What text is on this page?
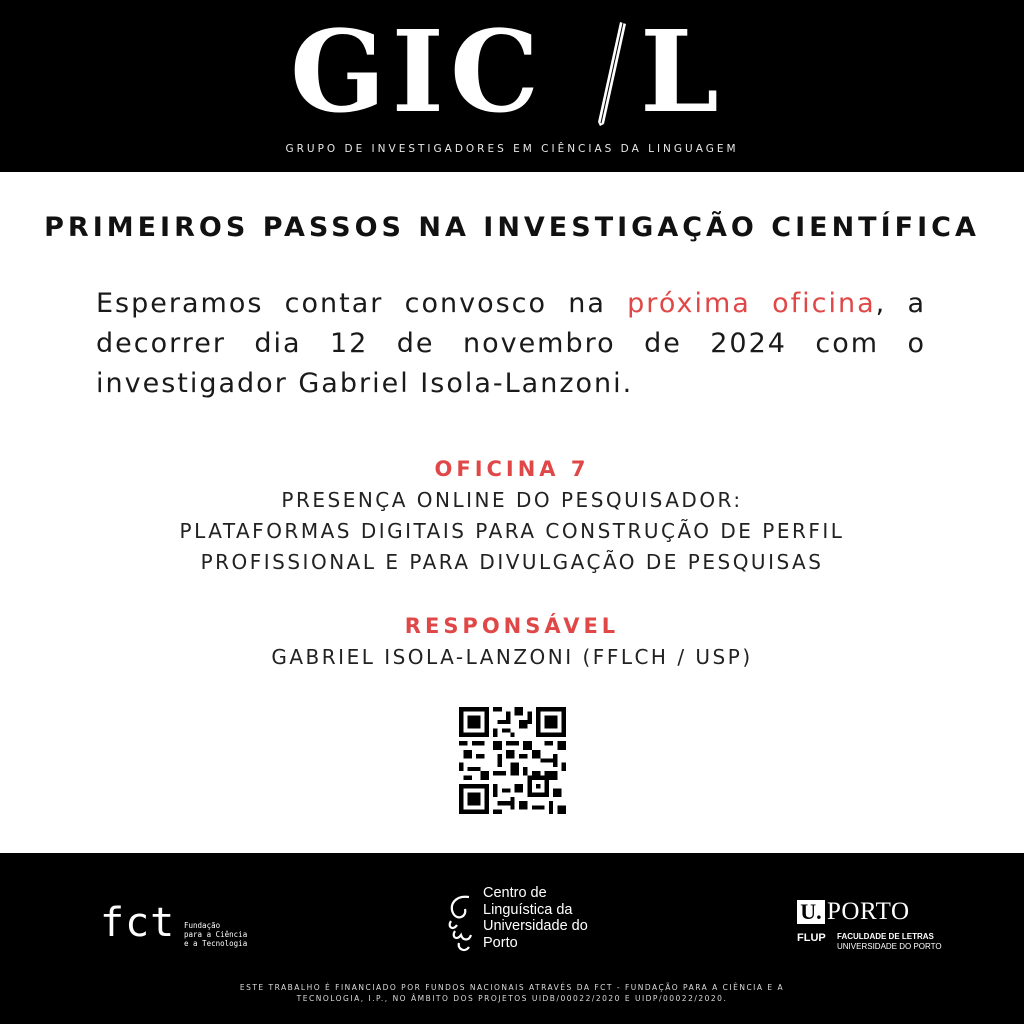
GIC L
GRUPO DE INVESTIGADORES EM CIÊNCIAS DA LINGUAGEM
PRIMEIROS PASSOS NA INVESTIGAÇÃO CIENTÍFICA
Esperamos contar convosco na próxima oficina, a decorrer dia 12 de novembro de 2024 com o investigador Gabriel Isola-Lanzoni.
OFICINA 7
PRESENÇA ONLINE DO PESQUISADOR:
PLATAFORMAS DIGITAIS PARA CONSTRUÇÃO DE PERFIL
PROFISSIONAL E PARA DIVULGAÇÃO DE PESQUISAS
RESPONSÁVEL
GABRIEL ISOLA-LANZONI (FFLCH / USP)
fct Fundação
para a Ciência
e a Tecnologia
Centro de
Linguística da
Universidade do
Porto
U. PORTO
FLUP FACULDADE DE LETRAS
UNIVERSIDADE DO PORTO
ESTE TRABALHO É FINANCIADO POR FUNDOS NACIONAIS ATRAVÉS DA FCT - FUNDAÇÃO PARA A CIÊNCIA E A
TECNOLOGIA, I.P., NO ÂMBITO DOS PROJETOS UIDB/00022/2020 E UIDP/00022/2020.
